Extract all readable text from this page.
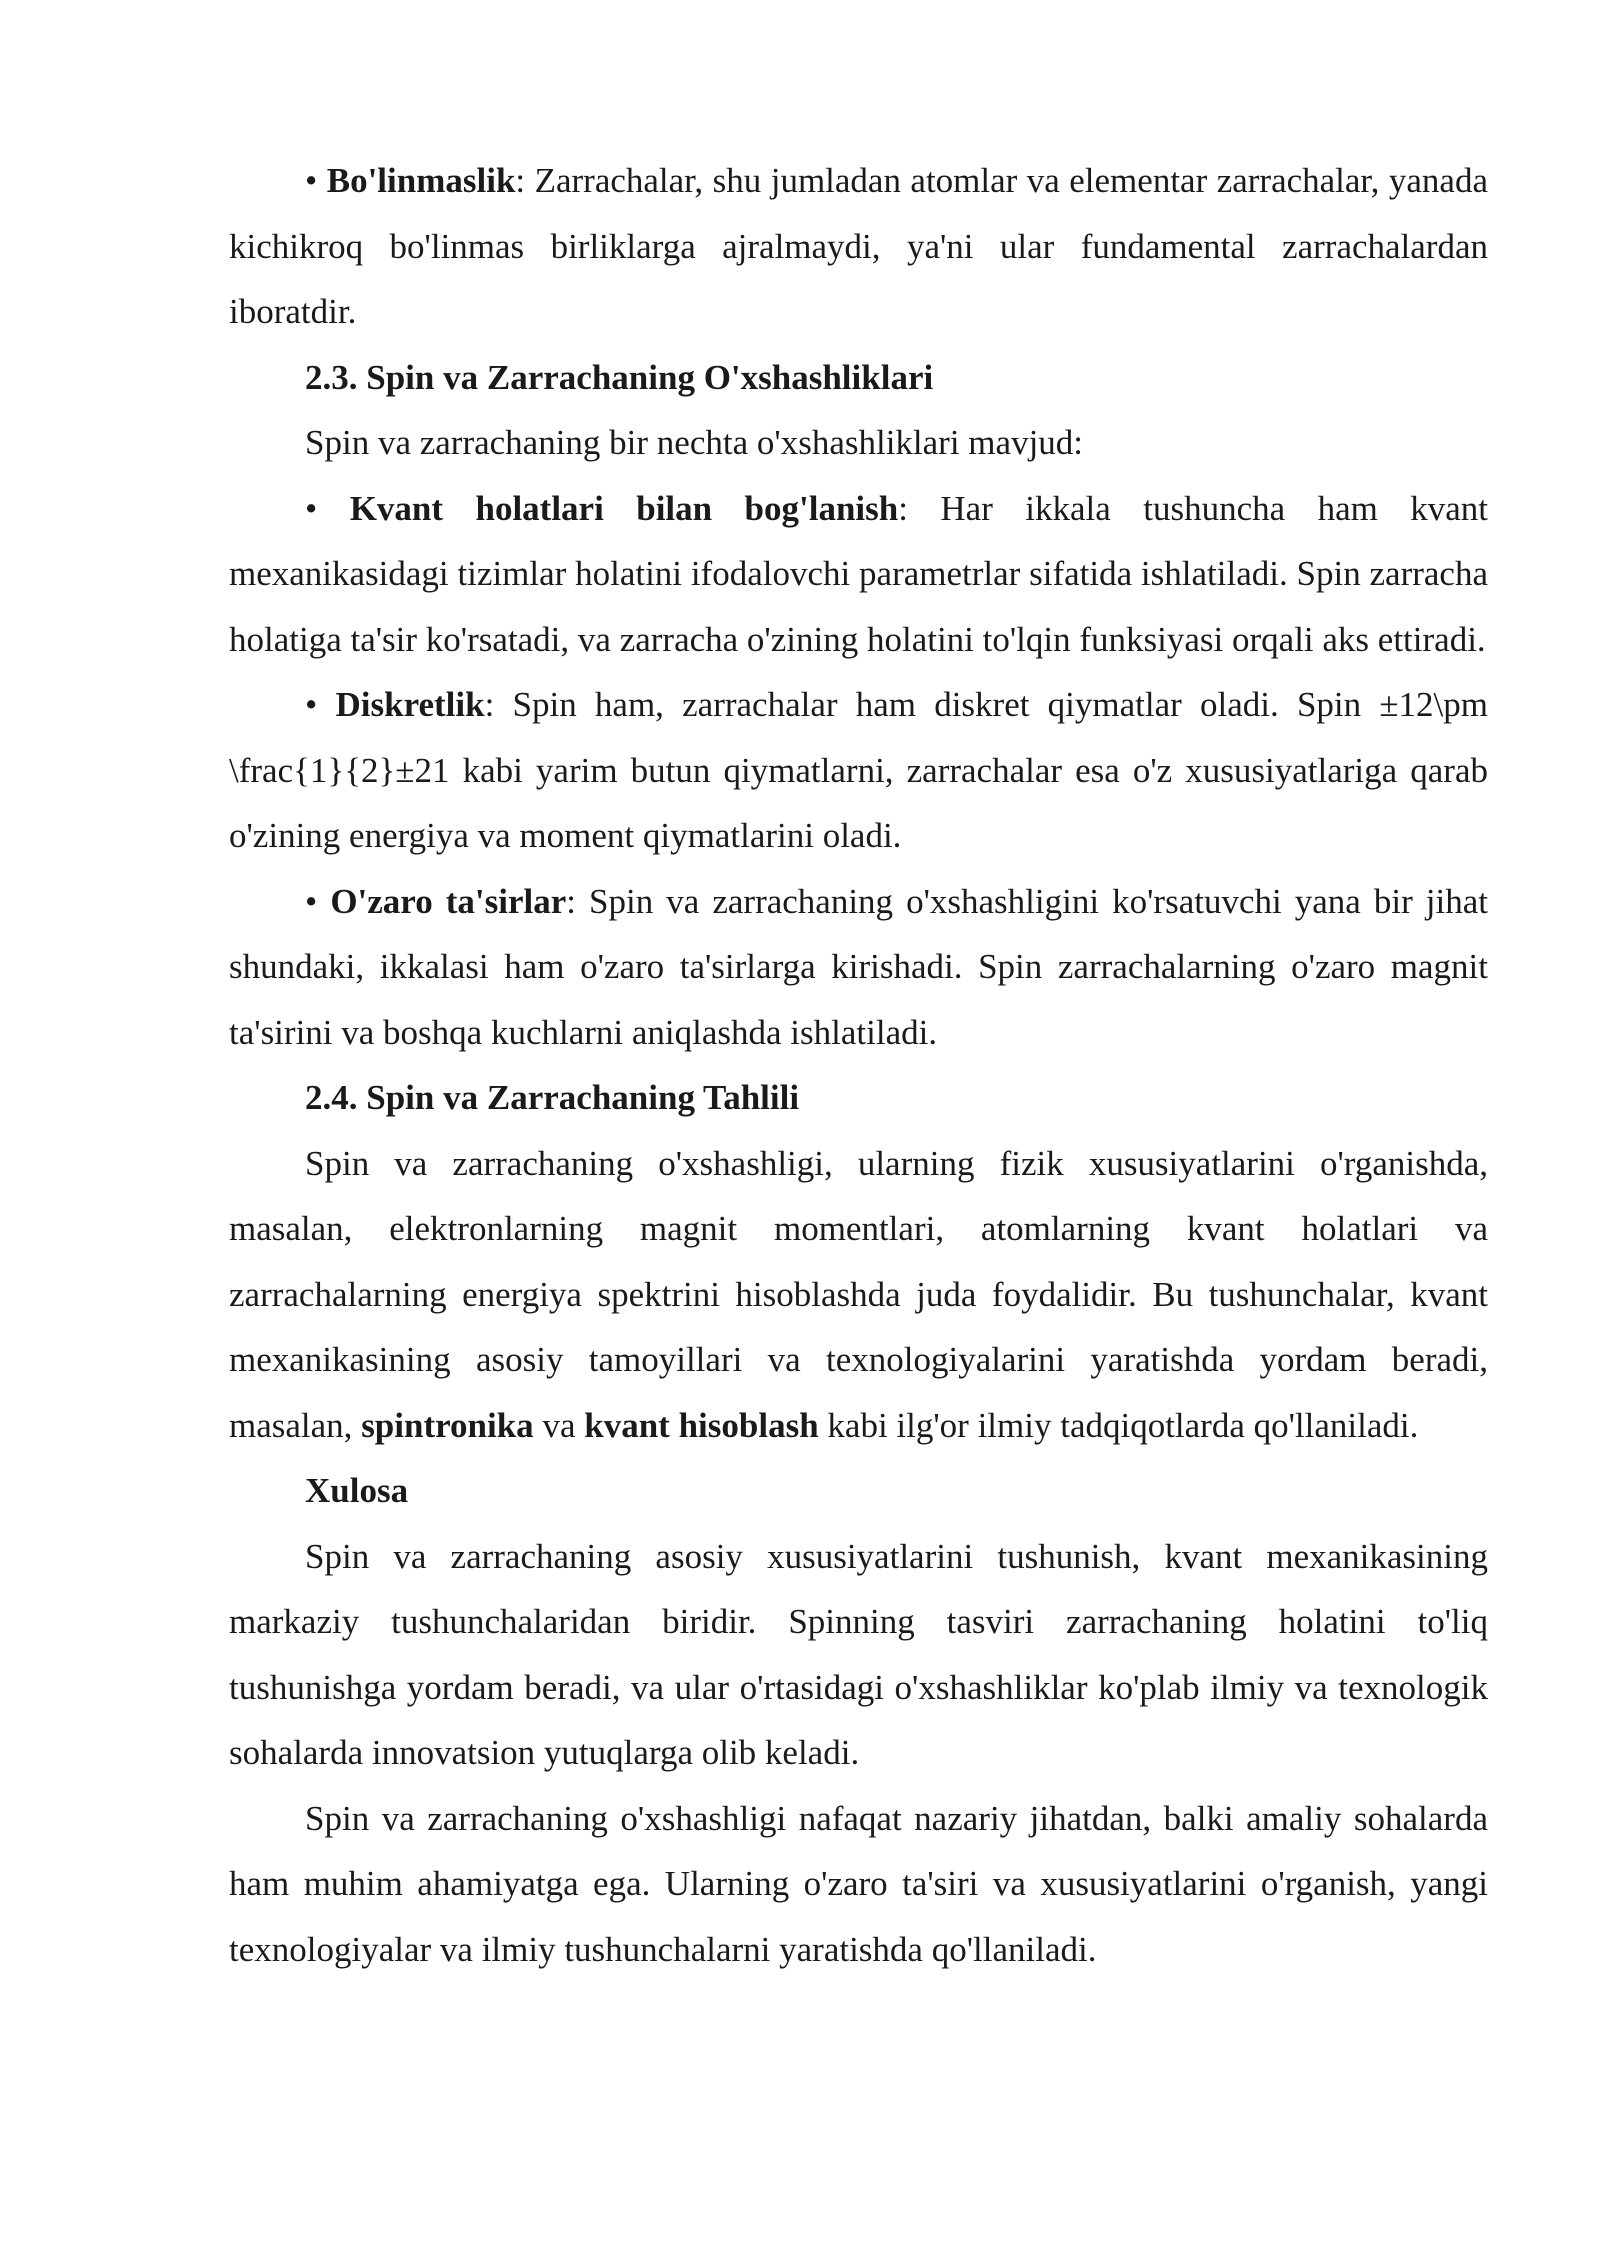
• Bo'linmaslik: Zarrachalar, shu jumladan atomlar va elementar zarrachalar, yanada kichikroq bo'linmas birliklarga ajralmaydi, ya'ni ular fundamental zarrachalardan iboratdir.

2.3. Spin va Zarrachaning O'xshashliklari

Spin va zarrachaning bir nechta o'xshashliklari mavjud:

• Kvant holatlari bilan bog'lanish: Har ikkala tushuncha ham kvant mexanikasidagi tizimlar holatini ifodalovchi parametrlar sifatida ishlatiladi. Spin zarracha holatiga ta'sir ko'rsatadi, va zarracha o'zining holatini to'lqin funksiyasi orqali aks ettiradi.

• Diskretlik: Spin ham, zarrachalar ham diskret qiymatlar oladi. Spin ±12\pm \frac{1}{2}±21 kabi yarim butun qiymatlarni, zarrachalar esa o'z xususiyatlariga qarab o'zining energiya va moment qiymatlarini oladi.

• O'zaro ta'sirlar: Spin va zarrachaning o'xshashligini ko'rsatuvchi yana bir jihat shundaki, ikkalasi ham o'zaro ta'sirlarga kirishadi. Spin zarrachalarning o'zaro magnit ta'sirini va boshqa kuchlarni aniqlashda ishlatiladi.

2.4. Spin va Zarrachaning Tahlili

Spin va zarrachaning o'xshashligi, ularning fizik xususiyatlarini o'rganishda, masalan, elektronlarning magnit momentlari, atomlarning kvant holatlari va zarrachalarning energiya spektrini hisoblashda juda foydalidir. Bu tushunchalar, kvant mexanikasining asosiy tamoyillari va texnologiyalarini yaratishda yordam beradi, masalan, spintronika va kvant hisoblash kabi ilg'or ilmiy tadqiqotlarda qo'llaniladi.

Xulosa

Spin va zarrachaning asosiy xususiyatlarini tushunish, kvant mexanikasining markaziy tushunchalaridan biridir. Spinning tasviri zarrachaning holatini to'liq tushunishga yordam beradi, va ular o'rtasidagi o'xshashliklar ko'plab ilmiy va texnologik sohalarda innovatsion yutuqlarga olib keladi.

Spin va zarrachaning o'xshashligi nafaqat nazariy jihatdan, balki amaliy sohalarda ham muhim ahamiyatga ega. Ularning o'zaro ta'siri va xususiyatlarini o'rganish, yangi texnologiyalar va ilmiy tushunchalarni yaratishda qo'llaniladi.
